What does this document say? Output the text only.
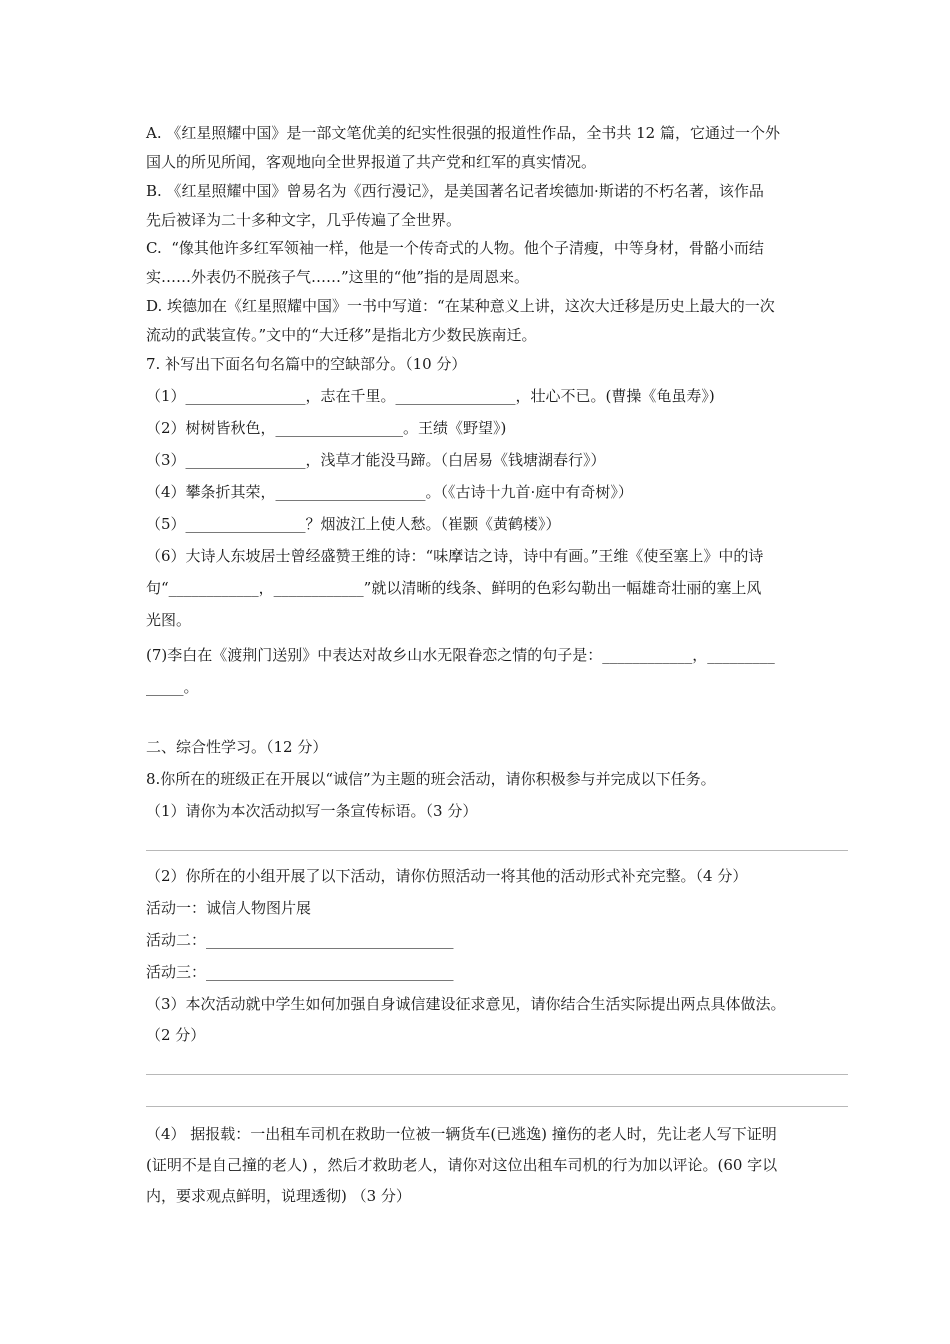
A. 《红星照耀中国》是一部文笔优美的纪实性很强的报道性作品，全书共 12 篇，它通过一个外
国人的所见所闻，客观地向全世界报道了共产党和红军的真实情况。
B. 《红星照耀中国》曾易名为《西行漫记》，是美国著名记者埃德加·斯诺的不朽名著，该作品
先后被译为二十多种文字，几乎传遍了全世界。
C.  “像其他许多红军领袖一样，他是一个传奇式的人物。他个子清瘦，中等身材，骨骼小而结
实……外表仍不脱孩子气……”这里的“他”指的是周恩来。
D. 埃德加在《红星照耀中国》一书中写道：“在某种意义上讲，这次大迁移是历史上最大的一次
流动的武装宣传。”文中的“大迁移”是指北方少数民族南迁。
7. 补写出下面名句名篇中的空缺部分。（10 分）
（1）________________，志在千里。________________，壮心不已。(曹操《龟虽寿》)
（2）树树皆秋色，_________________。王绩《野望》)
（3）________________，浅草才能没马蹄。（白居易《钱塘湖春行》）
（4）攀条折其荣，____________________。（《古诗十九首·庭中有奇树》）
（5）________________？烟波江上使人愁。（崔颢《黄鹤楼》）
（6）大诗人东坡居士曾经盛赞王维的诗：“味摩诘之诗，诗中有画。”王维《使至塞上》中的诗
句“____________，____________”就以清晰的线条、鲜明的色彩勾勒出一幅雄奇壮丽的塞上风
光图。
(7)李白在《渡荆门送别》中表达对故乡山水无限眷恋之情的句子是：____________，_________
_____。
二、综合性学习。（12 分）
8.你所在的班级正在开展以“诚信”为主题的班会活动，请你积极参与并完成以下任务。
（1）请你为本次活动拟写一条宣传标语。（3 分）
（2）你所在的小组开展了以下活动，请你仿照活动一将其他的活动形式补充完整。（4 分）
活动一：诚信人物图片展
活动二：_________________________________
活动三：_________________________________
（3）本次活动就中学生如何加强自身诚信建设征求意见，请你结合生活实际提出两点具体做法。
（2 分）
（4） 据报载：一出租车司机在救助一位被一辆货车(已逃逸) 撞伤的老人时，先让老人写下证明
(证明不是自己撞的老人) ，然后才救助老人，请你对这位出租车司机的行为加以评论。(60 字以
内，要求观点鲜明，说理透彻) （3 分）
